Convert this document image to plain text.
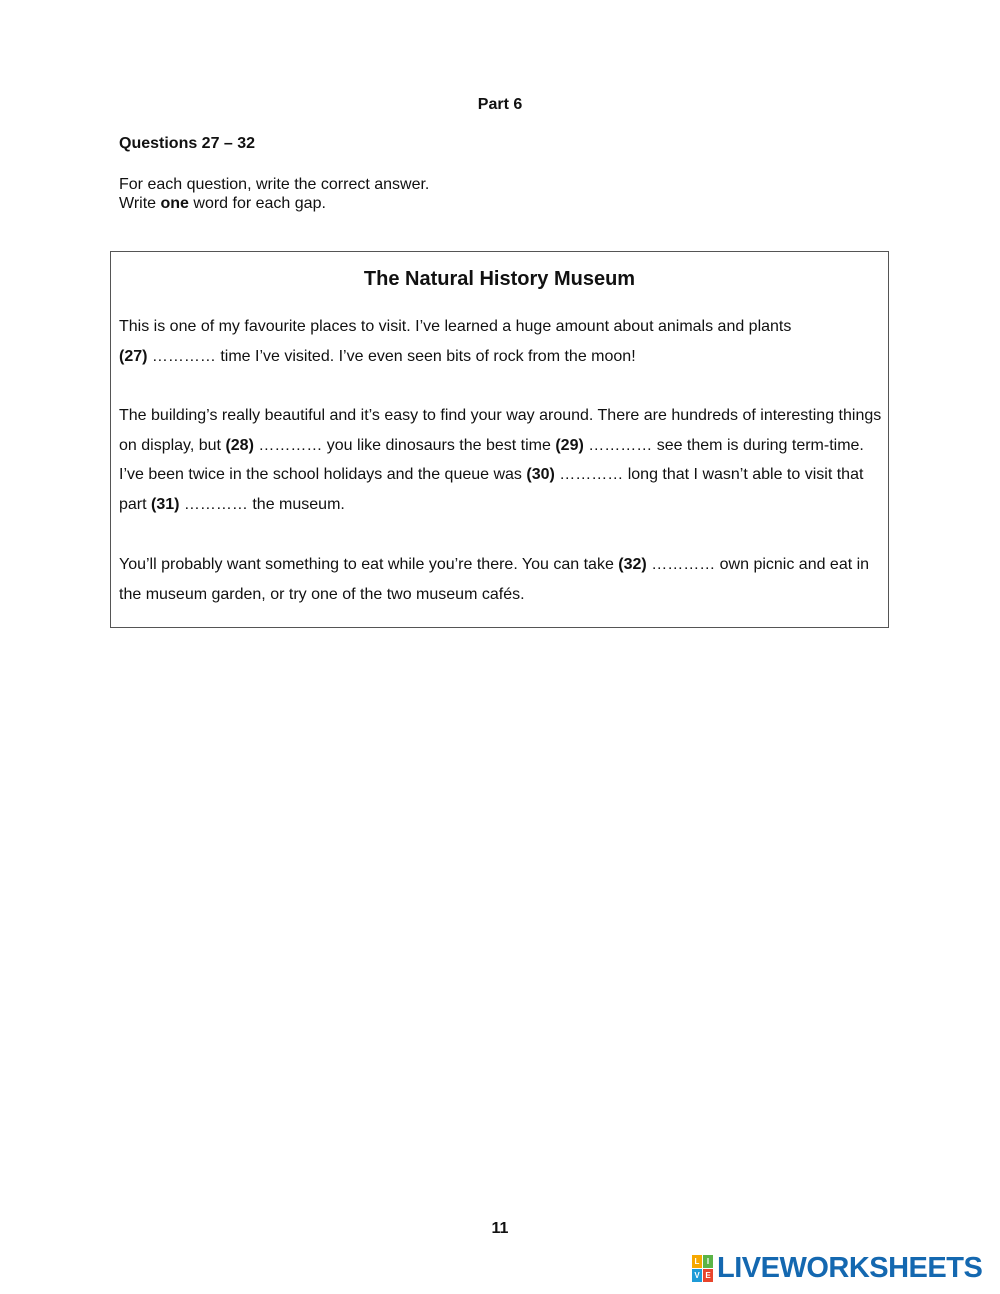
Part 6
Questions 27 – 32
For each question, write the correct answer.
Write one word for each gap.
The Natural History Museum

This is one of my favourite places to visit. I’ve learned a huge amount about animals and plants
(27) ………… time I’ve visited. I’ve even seen bits of rock from the moon!

The building’s really beautiful and it’s easy to find your way around. There are hundreds of interesting things on display, but (28) ………… you like dinosaurs the best time (29) ………… see them is during term-time. I’ve been twice in the school holidays and the queue was (30) ………… long that I wasn’t able to visit that part (31) ………… the museum.

You’ll probably want something to eat while you’re there. You can take (32) ………… own picnic and eat in the museum garden, or try one of the two museum cafés.

11
L I
V E LIVEWORKSHEETS
